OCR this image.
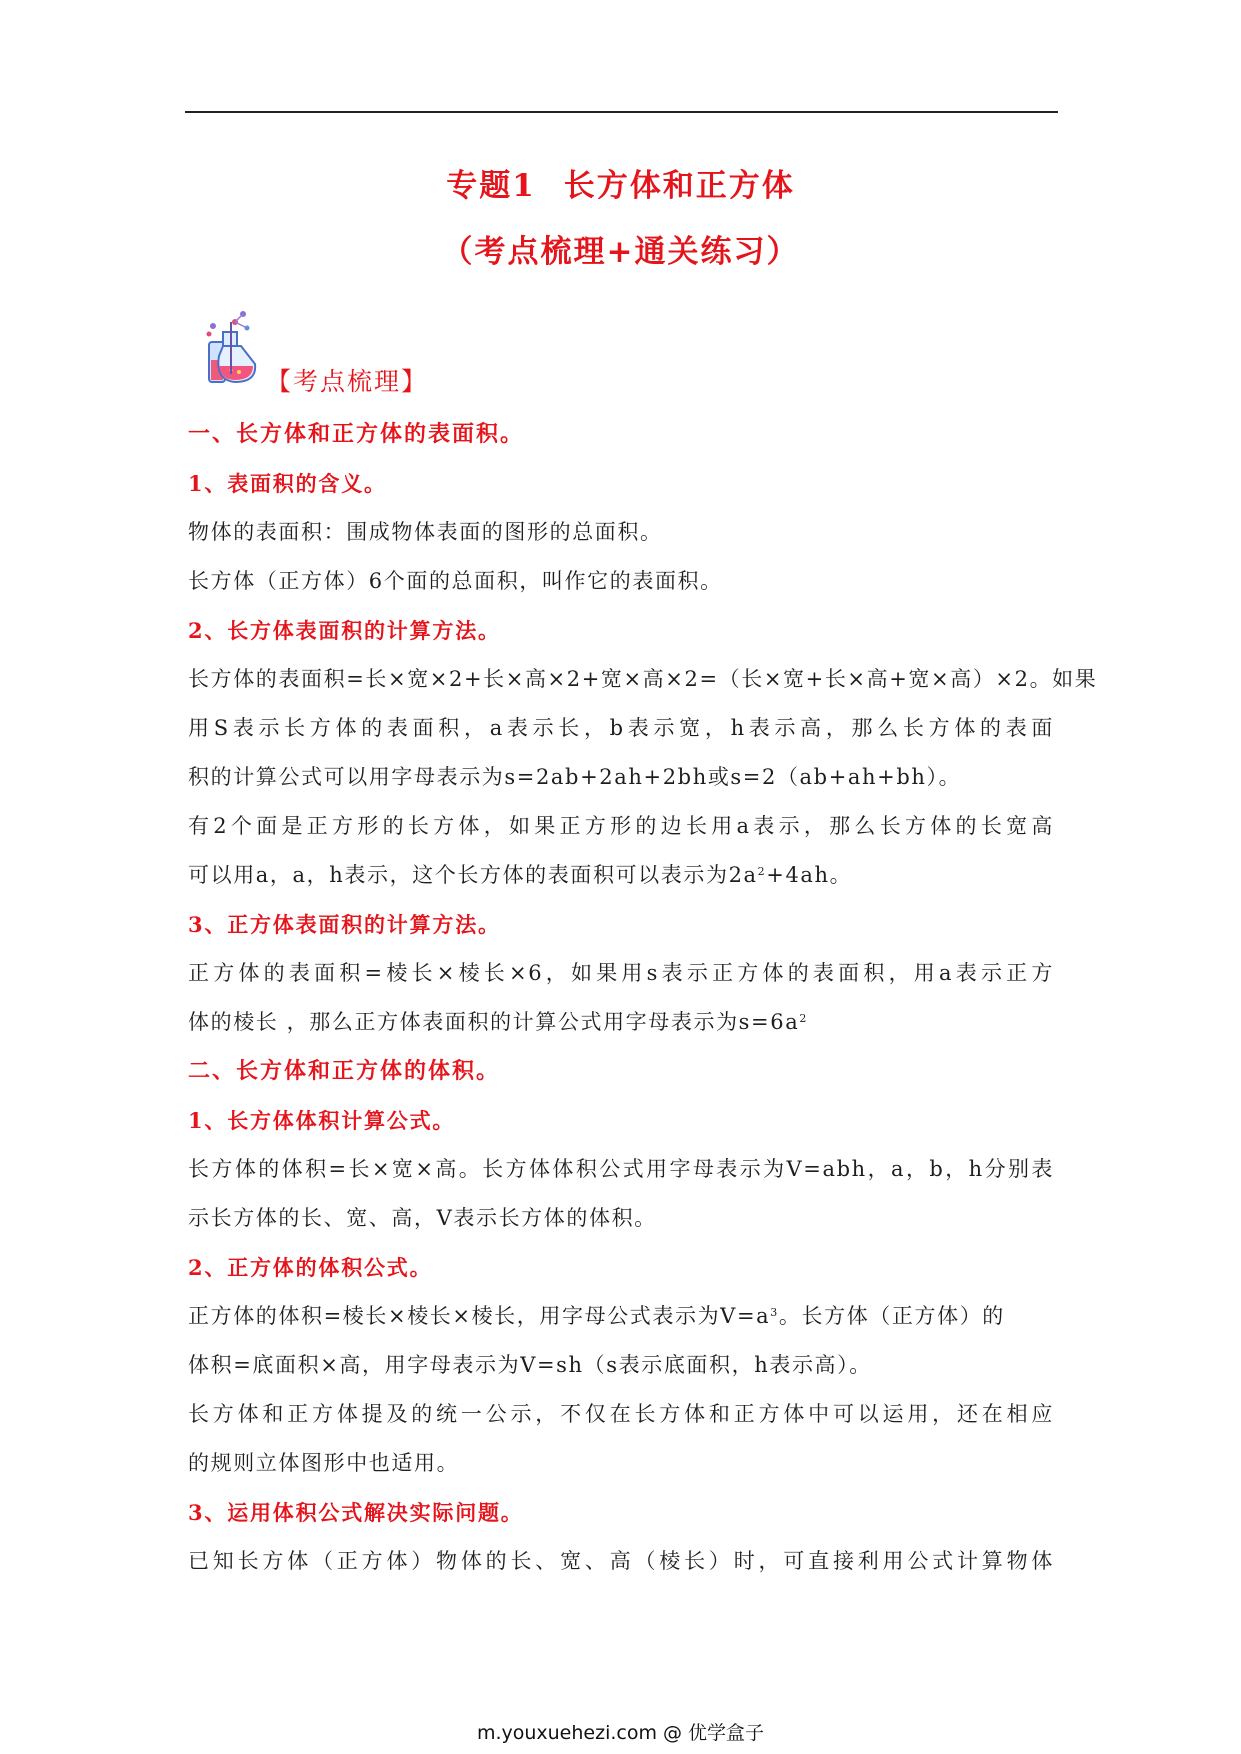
专题1 长方体和正方体
（考点梳理+通关练习）
【考点梳理】
一、长方体和正方体的表面积。
1、表面积的含义。
物体的表面积：围成物体表面的图形的总面积。
长方体（正方体）6个面的总面积，叫作它的表面积。
2、长方体表面积的计算方法。
长方体的表面积=长×宽×2+长×高×2+宽×高×2=（长×宽+长×高+宽×高）×2。如果
用S表示长方体的表面积，a表示长，b表示宽，h表示高，那么长方体的表面
积的计算公式可以用字母表示为s=2ab+2ah+2bh或s=2（ab+ah+bh）。
有2个面是正方形的长方体，如果正方形的边长用a表示，那么长方体的长宽高
可以用a，a，h表示，这个长方体的表面积可以表示为$2a^2+4ah$。
3、正方体表面积的计算方法。
正方体的表面积=棱长×棱长×6，如果用s表示正方体的表面积，用a表示正方
体的棱长 ，那么正方体表面积的计算公式用字母表示为$s=6a^2$
二、长方体和正方体的体积。
1、长方体体积计算公式。
长方体的体积=长×宽×高。长方体体积公式用字母表示为V=abh，a，b，h分别表
示长方体的长、宽、高，V表示长方体的体积。
2、正方体的体积公式。
正方体的体积=棱长×棱长×棱长，用字母公式表示为$V=a^3$。长方体（正方体）的
体积=底面积×高，用字母表示为V=sh（s表示底面积，h表示高）。
长方体和正方体提及的统一公示，不仅在长方体和正方体中可以运用，还在相应
的规则立体图形中也适用。
3、运用体积公式解决实际问题。
已知长方体（正方体）物体的长、宽、高（棱长）时，可直接利用公式计算物体
m.youxuehezi.com @ 优学盒子
